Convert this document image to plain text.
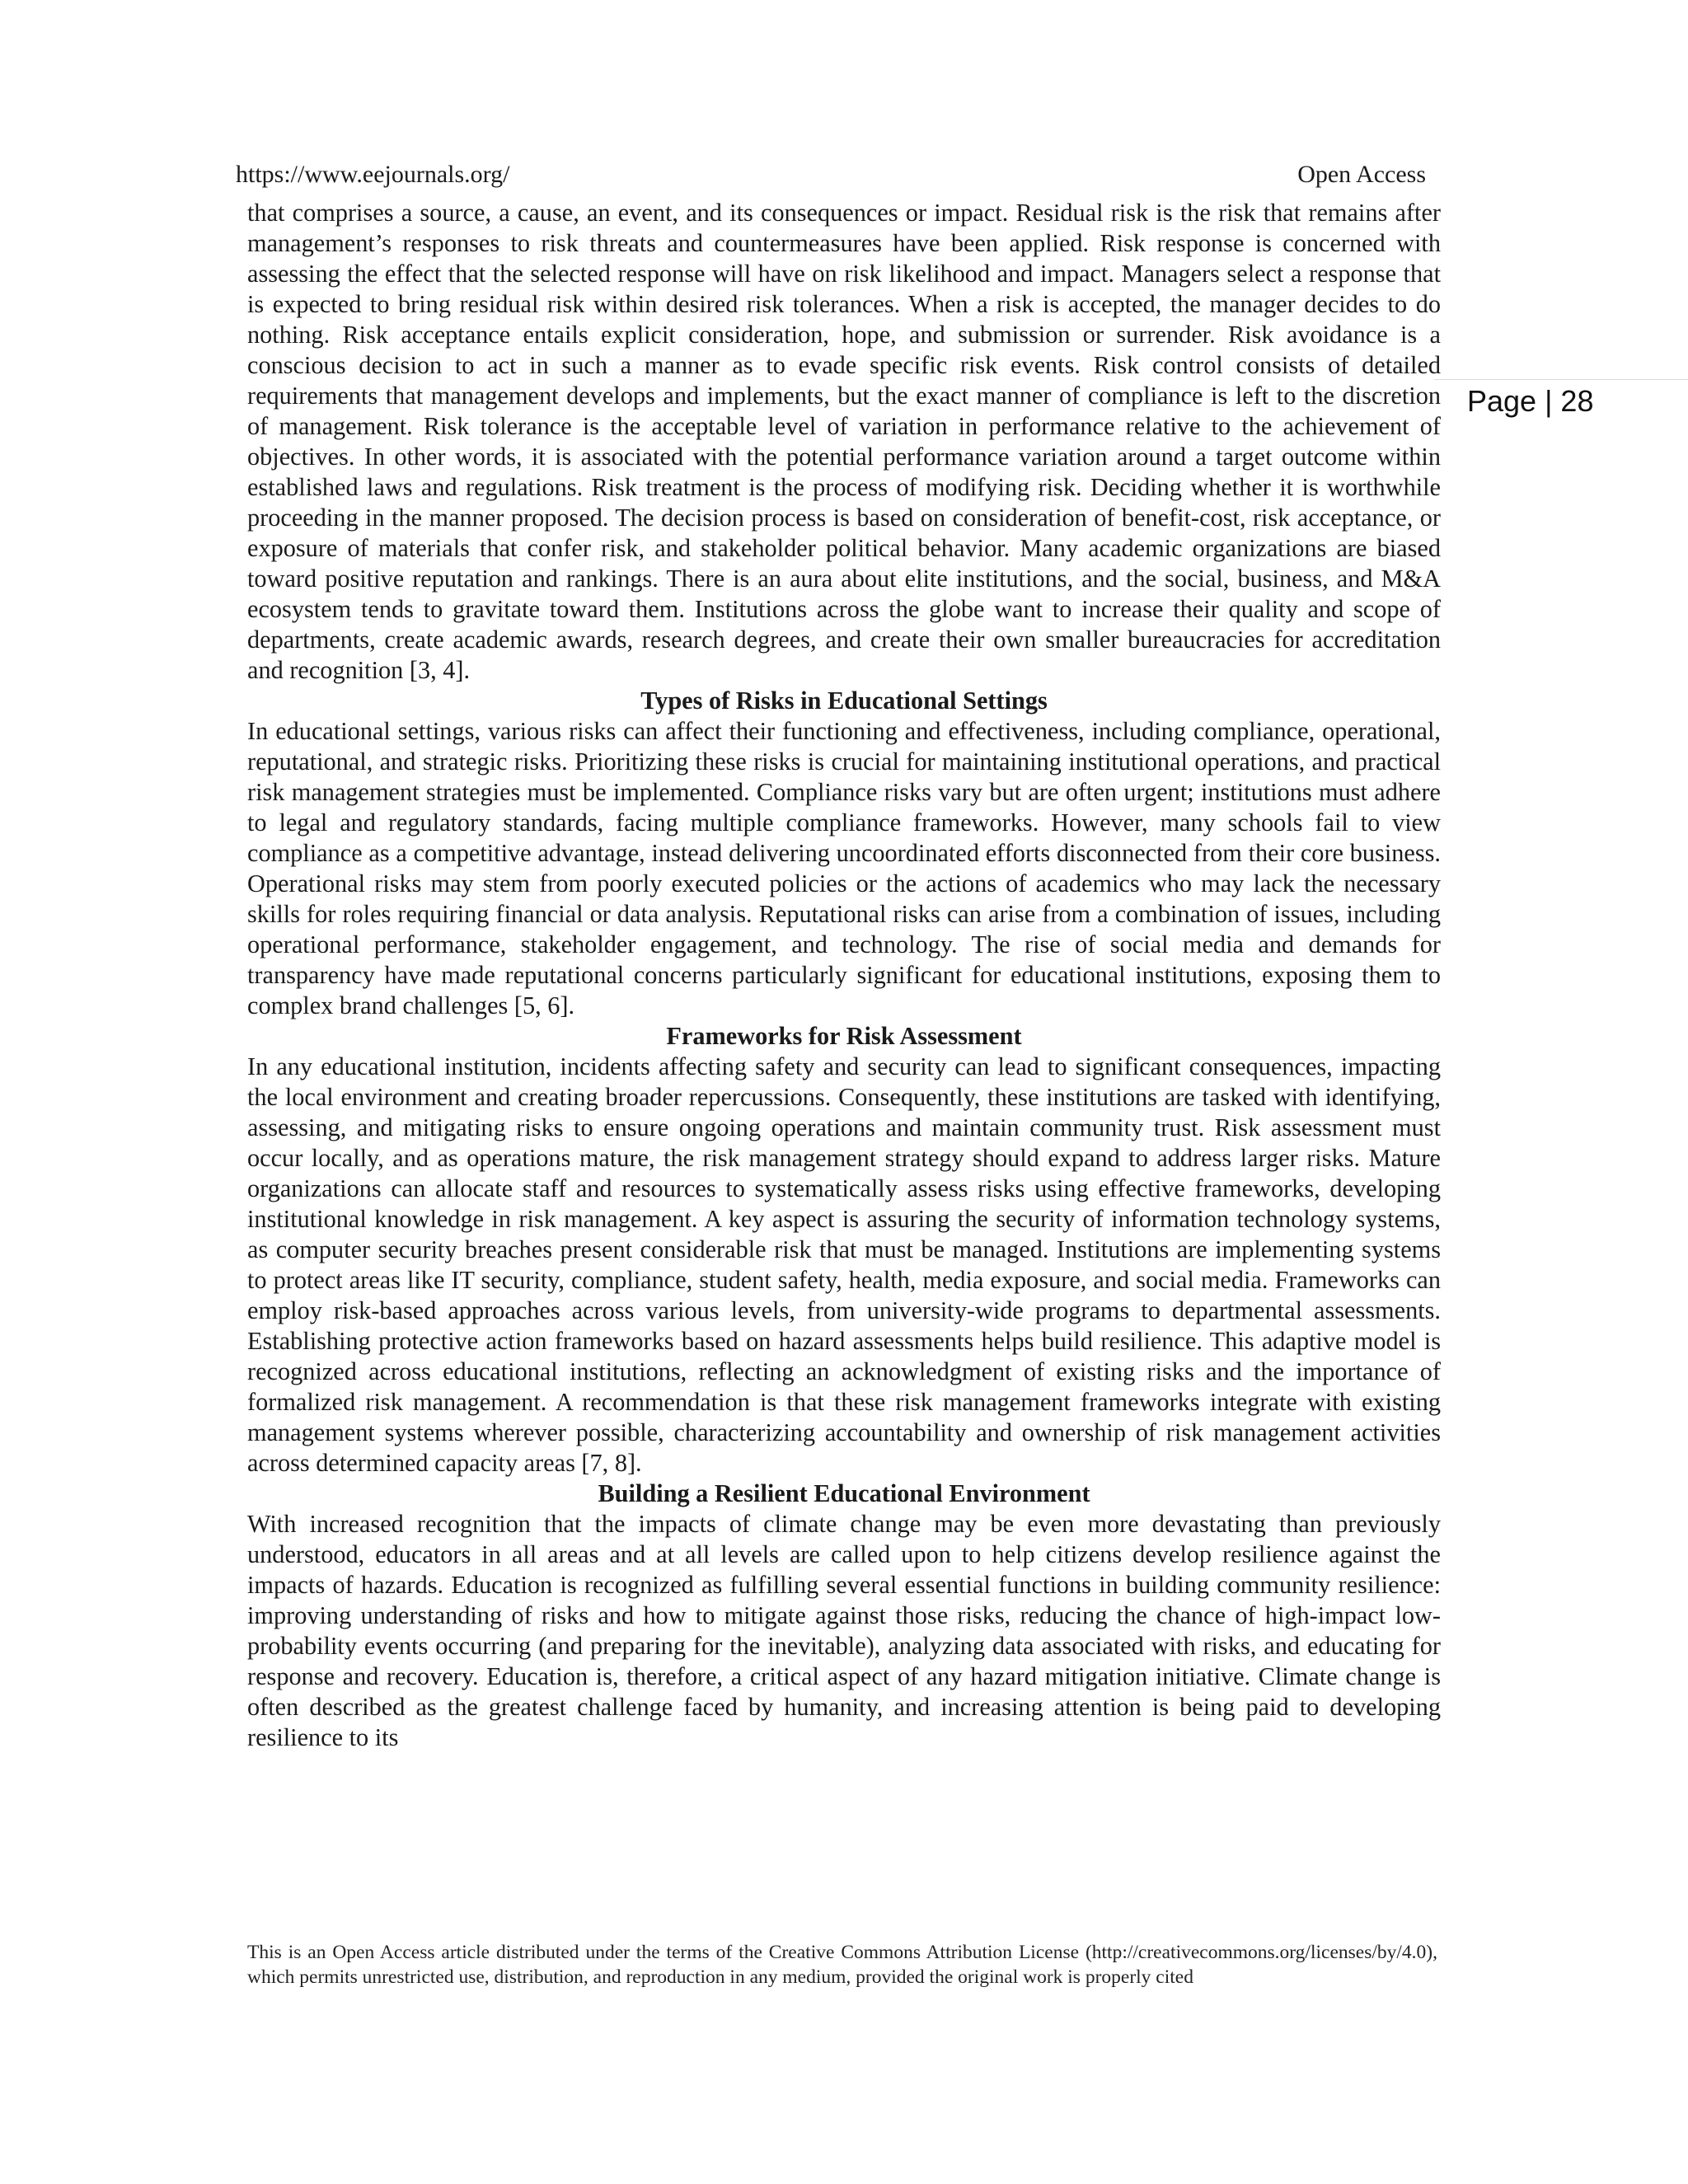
https://www.eejournals.org/	Open Access
Page | 28

that comprises a source, a cause, an event, and its consequences or impact. Residual risk is the risk that remains after management’s responses to risk threats and countermeasures have been applied. Risk response is concerned with assessing the effect that the selected response will have on risk likelihood and impact. Managers select a response that is expected to bring residual risk within desired risk tolerances. When a risk is accepted, the manager decides to do nothing. Risk acceptance entails explicit consideration, hope, and submission or surrender. Risk avoidance is a conscious decision to act in such a manner as to evade specific risk events. Risk control consists of detailed requirements that management develops and implements, but the exact manner of compliance is left to the discretion of management. Risk tolerance is the acceptable level of variation in performance relative to the achievement of objectives. In other words, it is associated with the potential performance variation around a target outcome within established laws and regulations. Risk treatment is the process of modifying risk. Deciding whether it is worthwhile proceeding in the manner proposed. The decision process is based on consideration of benefit-cost, risk acceptance, or exposure of materials that confer risk, and stakeholder political behavior. Many academic organizations are biased toward positive reputation and rankings. There is an aura about elite institutions, and the social, business, and M&A ecosystem tends to gravitate toward them. Institutions across the globe want to increase their quality and scope of departments, create academic awards, research degrees, and create their own smaller bureaucracies for accreditation and recognition [3, 4].

Types of Risks in Educational Settings

In educational settings, various risks can affect their functioning and effectiveness, including compliance, operational, reputational, and strategic risks. Prioritizing these risks is crucial for maintaining institutional operations, and practical risk management strategies must be implemented. Compliance risks vary but are often urgent; institutions must adhere to legal and regulatory standards, facing multiple compliance frameworks. However, many schools fail to view compliance as a competitive advantage, instead delivering uncoordinated efforts disconnected from their core business. Operational risks may stem from poorly executed policies or the actions of academics who may lack the necessary skills for roles requiring financial or data analysis. Reputational risks can arise from a combination of issues, including operational performance, stakeholder engagement, and technology. The rise of social media and demands for transparency have made reputational concerns particularly significant for educational institutions, exposing them to complex brand challenges [5, 6].

Frameworks for Risk Assessment

In any educational institution, incidents affecting safety and security can lead to significant consequences, impacting the local environment and creating broader repercussions. Consequently, these institutions are tasked with identifying, assessing, and mitigating risks to ensure ongoing operations and maintain community trust. Risk assessment must occur locally, and as operations mature, the risk management strategy should expand to address larger risks. Mature organizations can allocate staff and resources to systematically assess risks using effective frameworks, developing institutional knowledge in risk management. A key aspect is assuring the security of information technology systems, as computer security breaches present considerable risk that must be managed. Institutions are implementing systems to protect areas like IT security, compliance, student safety, health, media exposure, and social media. Frameworks can employ risk-based approaches across various levels, from university-wide programs to departmental assessments. Establishing protective action frameworks based on hazard assessments helps build resilience. This adaptive model is recognized across educational institutions, reflecting an acknowledgment of existing risks and the importance of formalized risk management. A recommendation is that these risk management frameworks integrate with existing management systems wherever possible, characterizing accountability and ownership of risk management activities across determined capacity areas [7, 8].

Building a Resilient Educational Environment

With increased recognition that the impacts of climate change may be even more devastating than previously understood, educators in all areas and at all levels are called upon to help citizens develop resilience against the impacts of hazards. Education is recognized as fulfilling several essential functions in building community resilience: improving understanding of risks and how to mitigate against those risks, reducing the chance of high-impact low-probability events occurring (and preparing for the inevitable), analyzing data associated with risks, and educating for response and recovery. Education is, therefore, a critical aspect of any hazard mitigation initiative. Climate change is often described as the greatest challenge faced by humanity, and increasing attention is being paid to developing resilience to its

This is an Open Access article distributed under the terms of the Creative Commons Attribution License (http://creativecommons.org/licenses/by/4.0), which permits unrestricted use, distribution, and reproduction in any medium, provided the original work is properly cited
